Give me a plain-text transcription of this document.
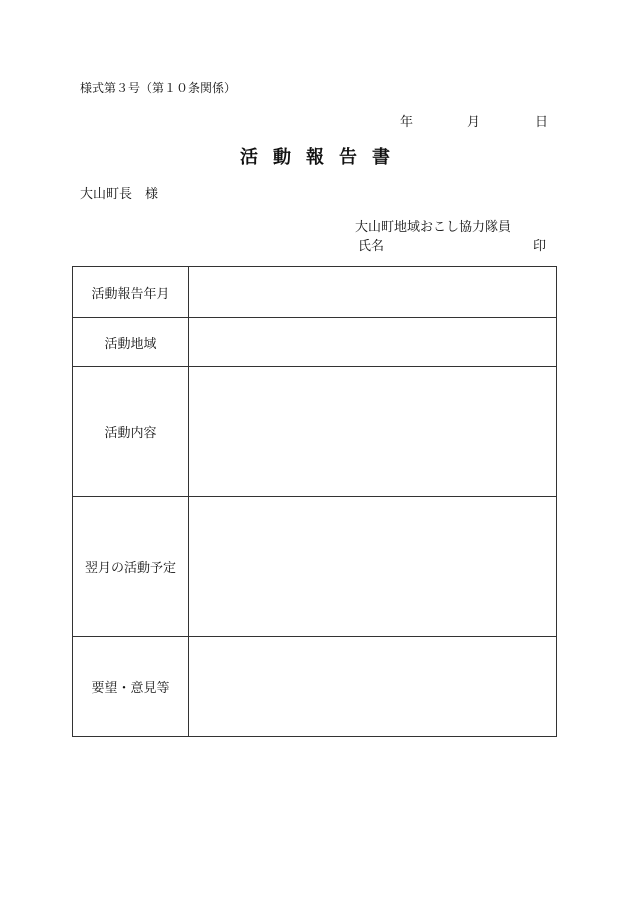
様式第３号（第１０条関係）
年	月	日
活動報告書
大山町長　様
大山町地域おこし協力隊員
氏名	印
活動報告年月	
活動地域	
活動内容	
翌月の活動予定	
要望・意見等	
